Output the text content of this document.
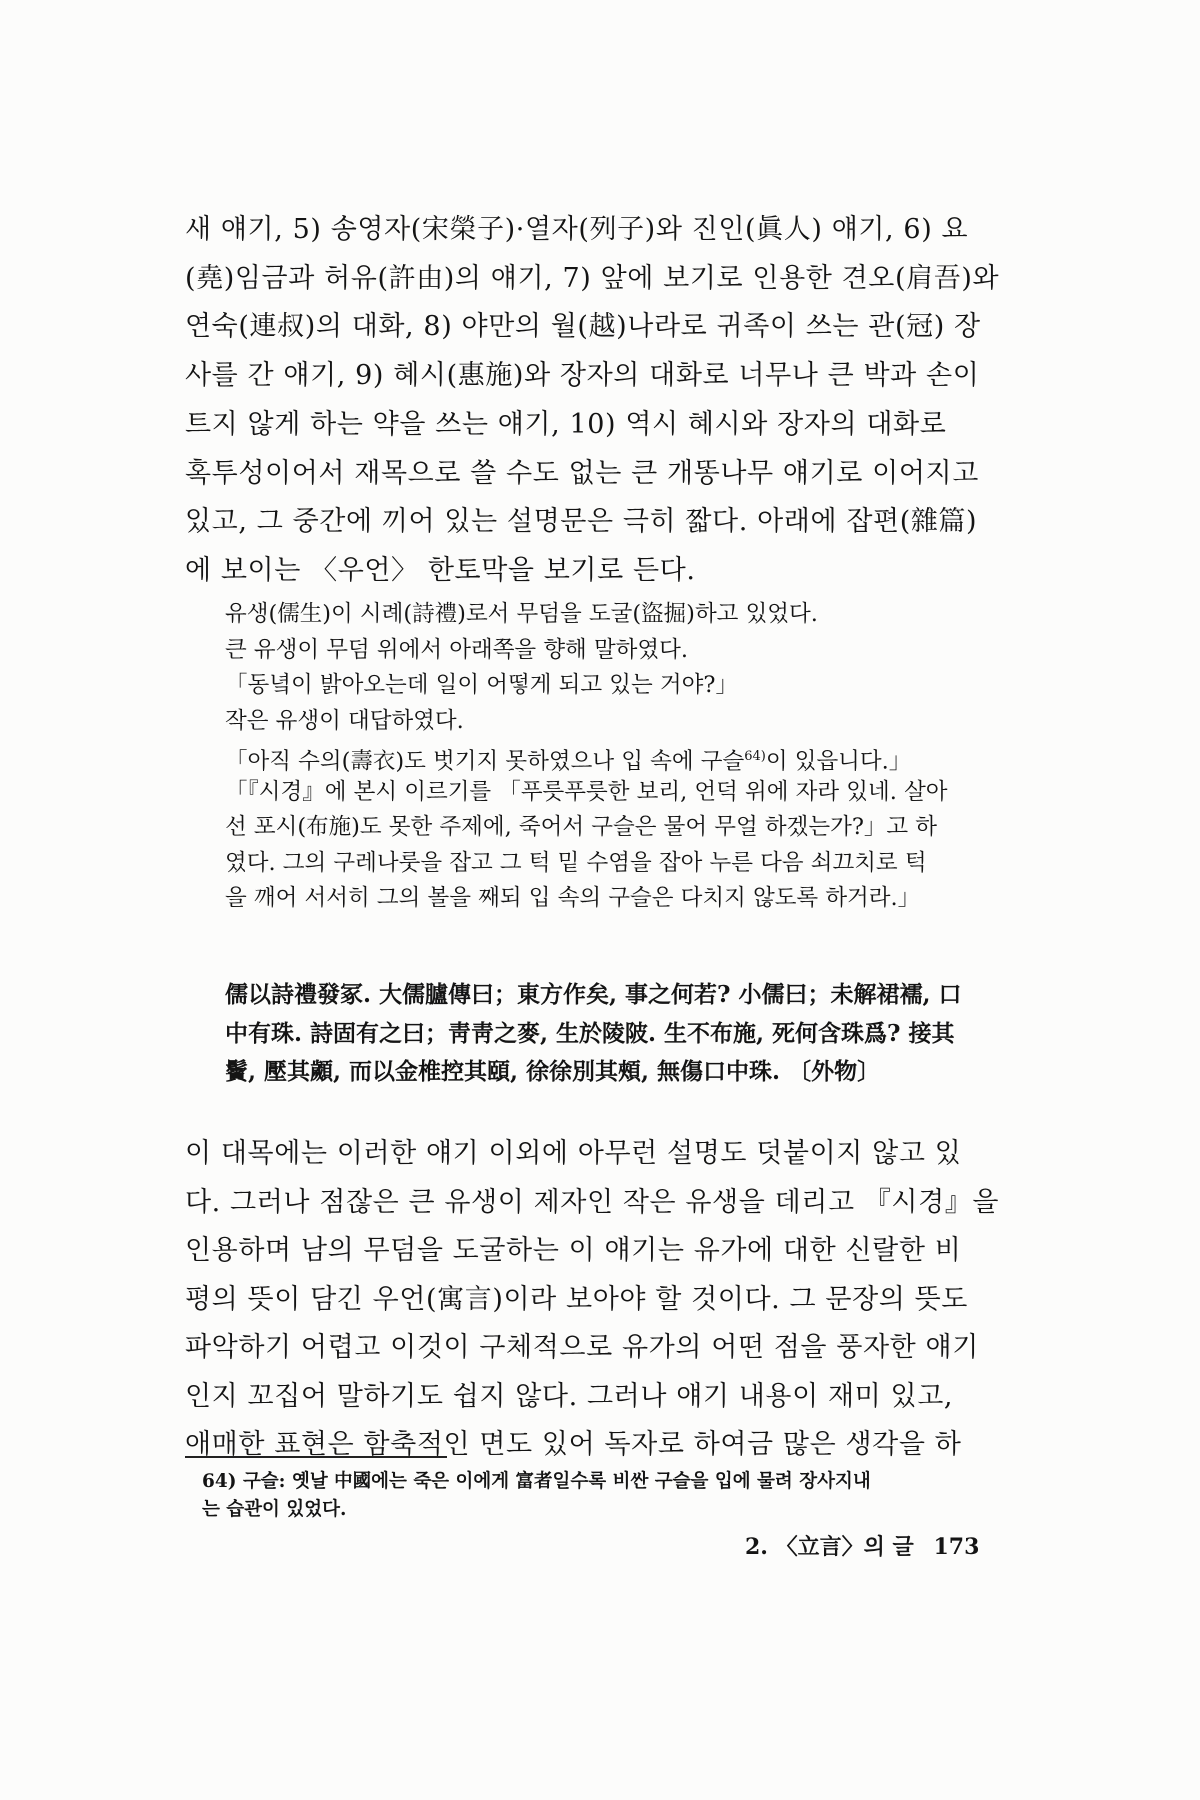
새 얘기, 5) 송영자(宋榮子)·열자(列子)와 진인(眞人) 얘기, 6) 요
(堯)임금과 허유(許由)의 얘기, 7) 앞에 보기로 인용한 견오(肩吾)와
연숙(連叔)의 대화, 8) 야만의 월(越)나라로 귀족이 쓰는 관(冠) 장
사를 간 얘기, 9) 혜시(惠施)와 장자의 대화로 너무나 큰 박과 손이
트지 않게 하는 약을 쓰는 얘기, 10) 역시 혜시와 장자의 대화로
혹투성이어서 재목으로 쓸 수도 없는 큰 개똥나무 얘기로 이어지고
있고, 그 중간에 끼어 있는 설명문은 극히 짧다. 아래에 잡편(雜篇)
에 보이는 〈우언〉 한토막을 보기로 든다.

유생(儒生)이 시례(詩禮)로서 무덤을 도굴(盜掘)하고 있었다.
큰 유생이 무덤 위에서 아래쪽을 향해 말하였다.
「동녘이 밝아오는데 일이 어떻게 되고 있는 거야?」
작은 유생이 대답하였다.
「아직 수의(壽衣)도 벗기지 못하였으나 입 속에 구슬$^{64)}$이 있읍니다.」
「『시경』에 본시 이르기를 「푸릇푸릇한 보리, 언덕 위에 자라 있네. 살아
선 포시(布施)도 못한 주제에, 죽어서 구슬은 물어 무얼 하겠는가?」고 하
였다. 그의 구레나룻을 잡고 그 턱 밑 수염을 잡아 누른 다음 쇠끄치로 턱
을 깨어 서서히 그의 볼을 째되 입 속의 구슬은 다치지 않도록 하거라.」

儒以詩禮發冢. 大儒臚傳曰；東方作矣, 事之何若? 小儒曰；未解裙襦, 口
中有珠. 詩固有之曰；靑靑之麥, 生於陵陂. 生不布施, 死何含珠爲? 接其
鬢, 壓其顪, 而以金椎控其頤, 徐徐別其頰, 無傷口中珠. 〔外物〕

이 대목에는 이러한 얘기 이외에 아무런 설명도 덧붙이지 않고 있
다. 그러나 점잖은 큰 유생이 제자인 작은 유생을 데리고 『시경』을
인용하며 남의 무덤을 도굴하는 이 얘기는 유가에 대한 신랄한 비
평의 뜻이 담긴 우언(寓言)이라 보아야 할 것이다. 그 문장의 뜻도
파악하기 어렵고 이것이 구체적으로 유가의 어떤 점을 풍자한 얘기
인지 꼬집어 말하기도 쉽지 않다. 그러나 얘기 내용이 재미 있고,
애매한 표현은 함축적인 면도 있어 독자로 하여금 많은 생각을 하

64) 구슬: 옛날 中國에는 죽은 이에게 富者일수록 비싼 구슬을 입에 물려 장사지내
는 습관이 있었다.

2. 〈立言〉의 글 173
